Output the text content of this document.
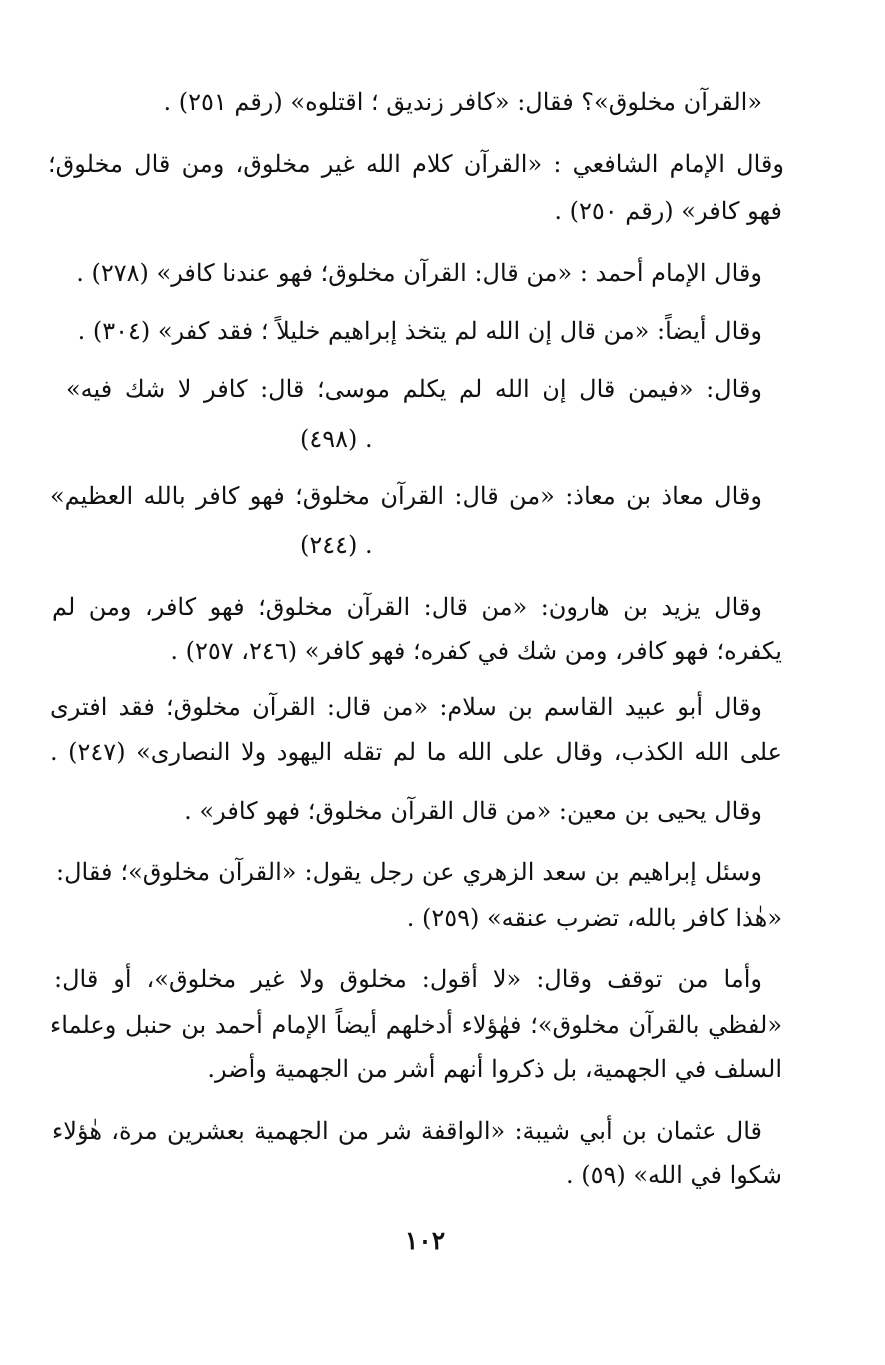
«القرآن مخلوق»؟ فقال: «كافر زنديق ؛ اقتلوه» (رقم ٢٥١) .
وقال الإمام الشافعي : «القرآن كلام الله غير مخلوق، ومن قال مخلوق؛
فهو كافر» (رقم ٢٥٠) .
وقال الإمام أحمد : «من قال: القرآن مخلوق؛ فهو عندنا كافر» (٢٧٨) .
وقال أيضاً: «من قال إن الله لم يتخذ إبراهيم خليلاً ؛ فقد كفر» (٣٠٤) .
وقال: «فيمن قال إن الله لم يكلم موسى؛ قال: كافر لا شك فيه»
(٤٩٨) .
وقال معاذ بن معاذ: «من قال: القرآن مخلوق؛ فهو كافر بالله العظيم»
(٢٤٤) .
وقال يزيد بن هارون: «من قال: القرآن مخلوق؛ فهو كافر، ومن لم
يكفره؛ فهو كافر، ومن شك في كفره؛ فهو كافر» (٢٤٦، ٢٥٧) .
وقال أبو عبيد القاسم بن سلام: «من قال: القرآن مخلوق؛ فقد افترى
على الله الكذب، وقال على الله ما لم تقله اليهود ولا النصارى» (٢٤٧) .
وقال يحيى بن معين: «من قال القرآن مخلوق؛ فهو كافر» .
وسئل إبراهيم بن سعد الزهري عن رجل يقول: «القرآن مخلوق»؛ فقال:
«هٰذا كافر بالله، تضرب عنقه» (٢٥٩) .
وأما من توقف وقال: «لا أقول: مخلوق ولا غير مخلوق»، أو قال:
«لفظي بالقرآن مخلوق»؛ فهٰؤلاء أدخلهم أيضاً الإمام أحمد بن حنبل وعلماء
السلف في الجهمية، بل ذكروا أنهم أشر من الجهمية وأضر.
قال عثمان بن أبي شيبة: «الواقفة شر من الجهمية بعشرين مرة، هٰؤلاء
شكوا في الله» (٥٩) .
١٠٢
